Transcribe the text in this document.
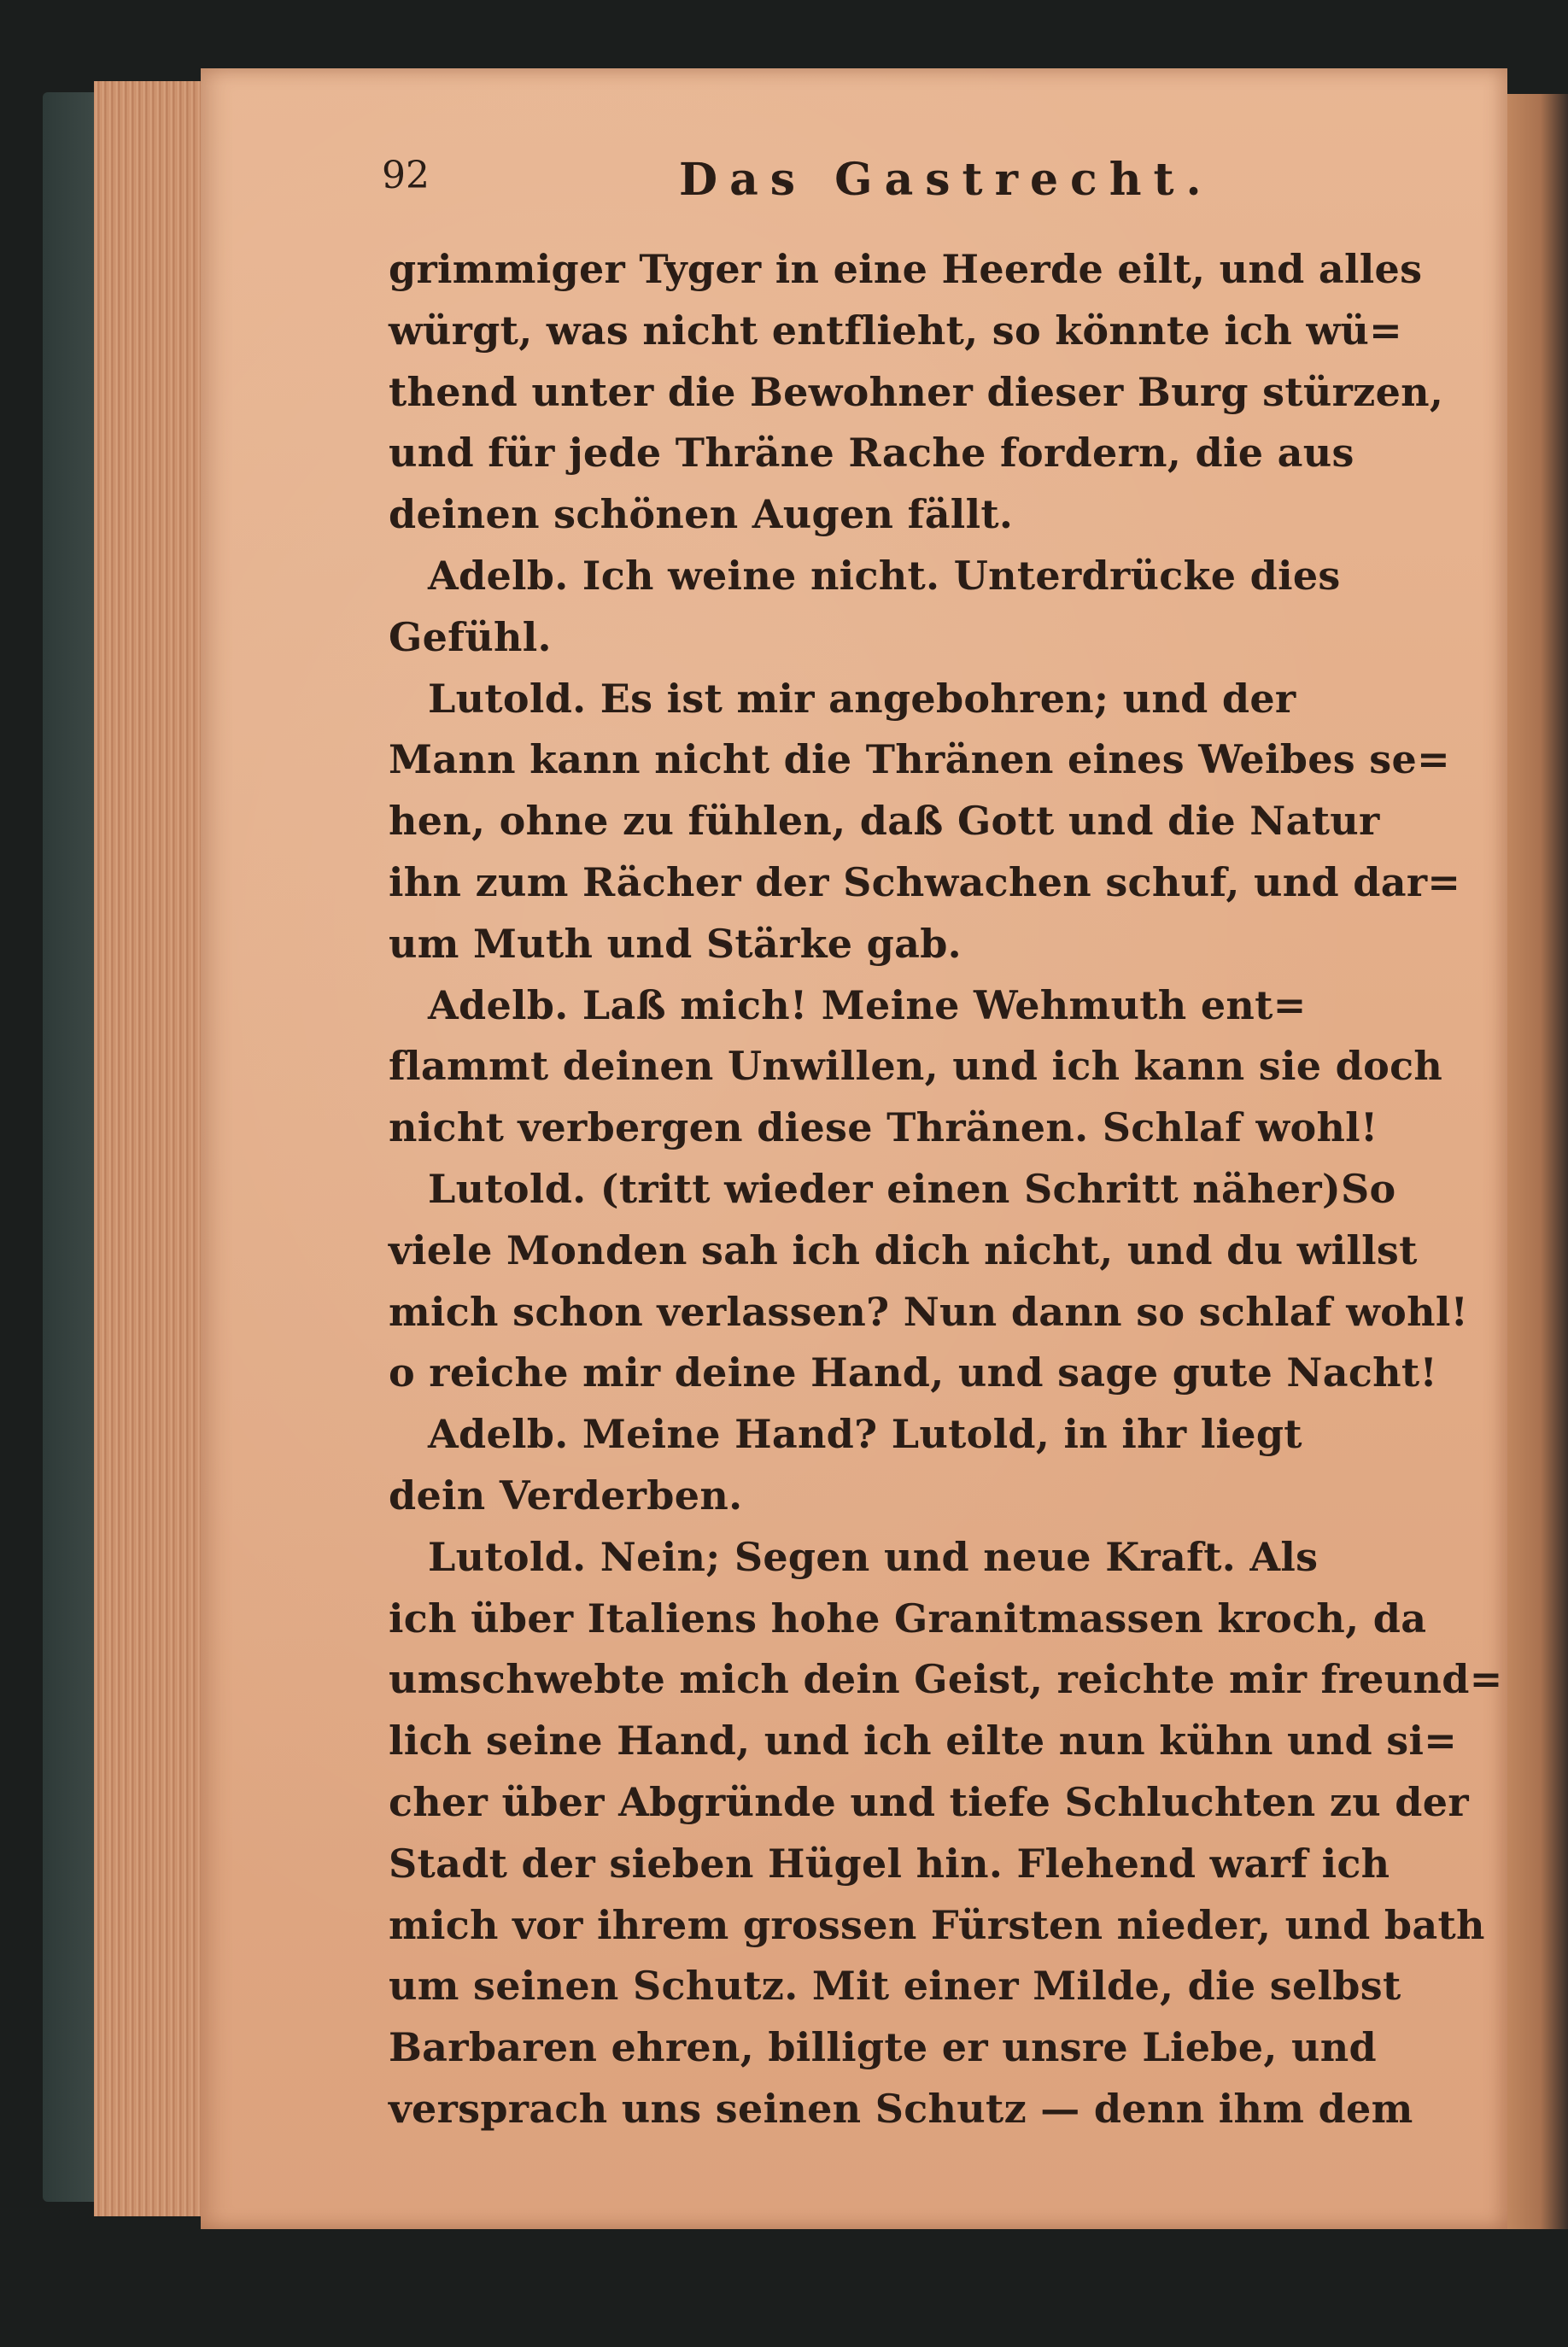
92	Das Gastrecht.
grimmiger Tyger in eine Heerde eilt, und alles
würgt, was nicht entflieht, so könnte ich wü=
thend unter die Bewohner dieser Burg stürzen,
und für jede Thräne Rache fordern, die aus
deinen schönen Augen fällt.
Adelb. Ich weine nicht. Unterdrücke dies
Gefühl.
Lutold. Es ist mir angebohren; und der
Mann kann nicht die Thränen eines Weibes se=
hen, ohne zu fühlen, daß Gott und die Natur
ihn zum Rächer der Schwachen schuf, und dar=
um Muth und Stärke gab.
Adelb. Laß mich! Meine Wehmuth ent=
flammt deinen Unwillen, und ich kann sie doch
nicht verbergen diese Thränen. Schlaf wohl!
Lutold. (tritt wieder einen Schritt näher)So
viele Monden sah ich dich nicht, und du willst
mich schon verlassen? Nun dann so schlaf wohl!
o reiche mir deine Hand, und sage gute Nacht!
Adelb. Meine Hand? Lutold, in ihr liegt
dein Verderben.
Lutold. Nein; Segen und neue Kraft. Als
ich über Italiens hohe Granitmassen kroch, da
umschwebte mich dein Geist, reichte mir freund=
lich seine Hand, und ich eilte nun kühn und si=
cher über Abgründe und tiefe Schluchten zu der
Stadt der sieben Hügel hin. Flehend warf ich
mich vor ihrem grossen Fürsten nieder, und bath
um seinen Schutz. Mit einer Milde, die selbst
Barbaren ehren, billigte er unsre Liebe, und
versprach uns seinen Schutz — denn ihm dem
